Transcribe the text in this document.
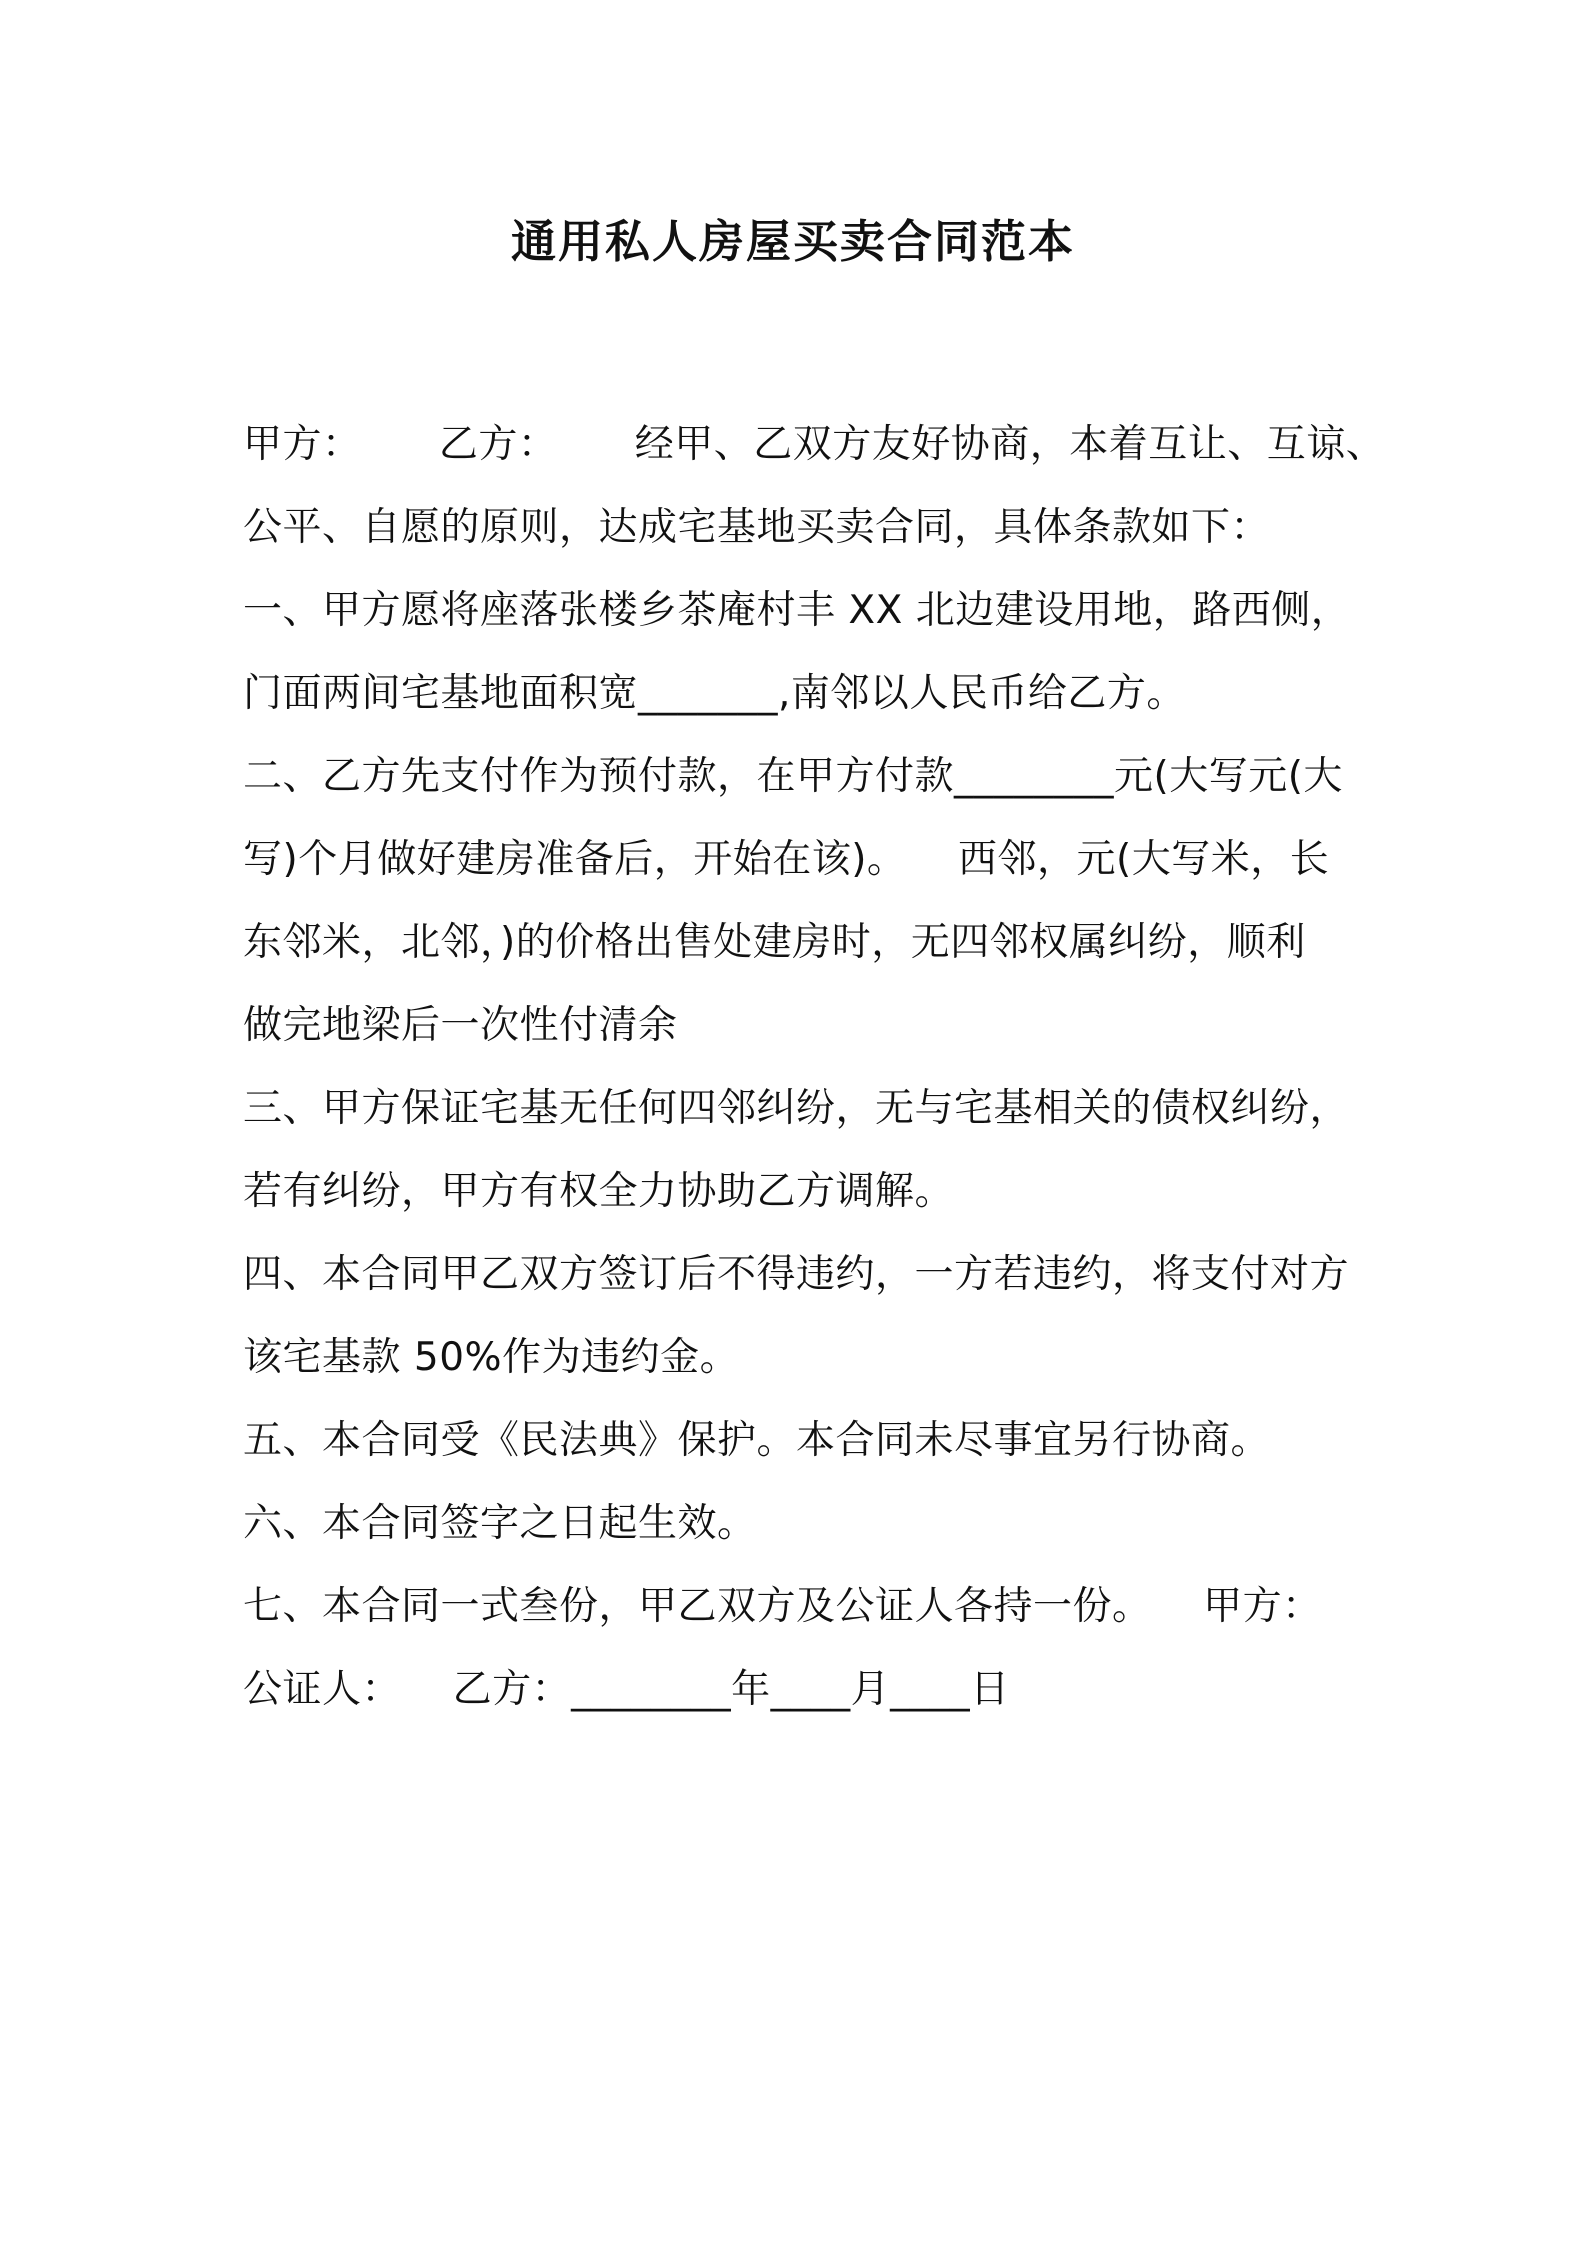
通用私人房屋买卖合同范本
甲方：      乙方：      经甲、乙双方友好协商，本着互让、互谅、
公平、自愿的原则，达成宅基地买卖合同，具体条款如下：
一、甲方愿将座落张楼乡茶庵村丰 XX 北边建设用地，路西侧，
门面两间宅基地面积宽_______,南邻以人民币给乙方。
二、乙方先支付作为预付款，在甲方付款________元(大写元(大
写)个月做好建房准备后，开始在该)。    西邻，元(大写米，长
东邻米，北邻，)的价格出售处建房时，无四邻权属纠纷，顺利
做完地梁后一次性付清余
三、甲方保证宅基无任何四邻纠纷，无与宅基相关的债权纠纷，
若有纠纷，甲方有权全力协助乙方调解。
四、本合同甲乙双方签订后不得违约，一方若违约，将支付对方
该宅基款 50%作为违约金。
五、本合同受《民法典》保护。本合同未尽事宜另行协商。
六、本合同签字之日起生效。
七、本合同一式叁份，甲乙双方及公证人各持一份。    甲方：
公证人：    乙方：________年____月____日
